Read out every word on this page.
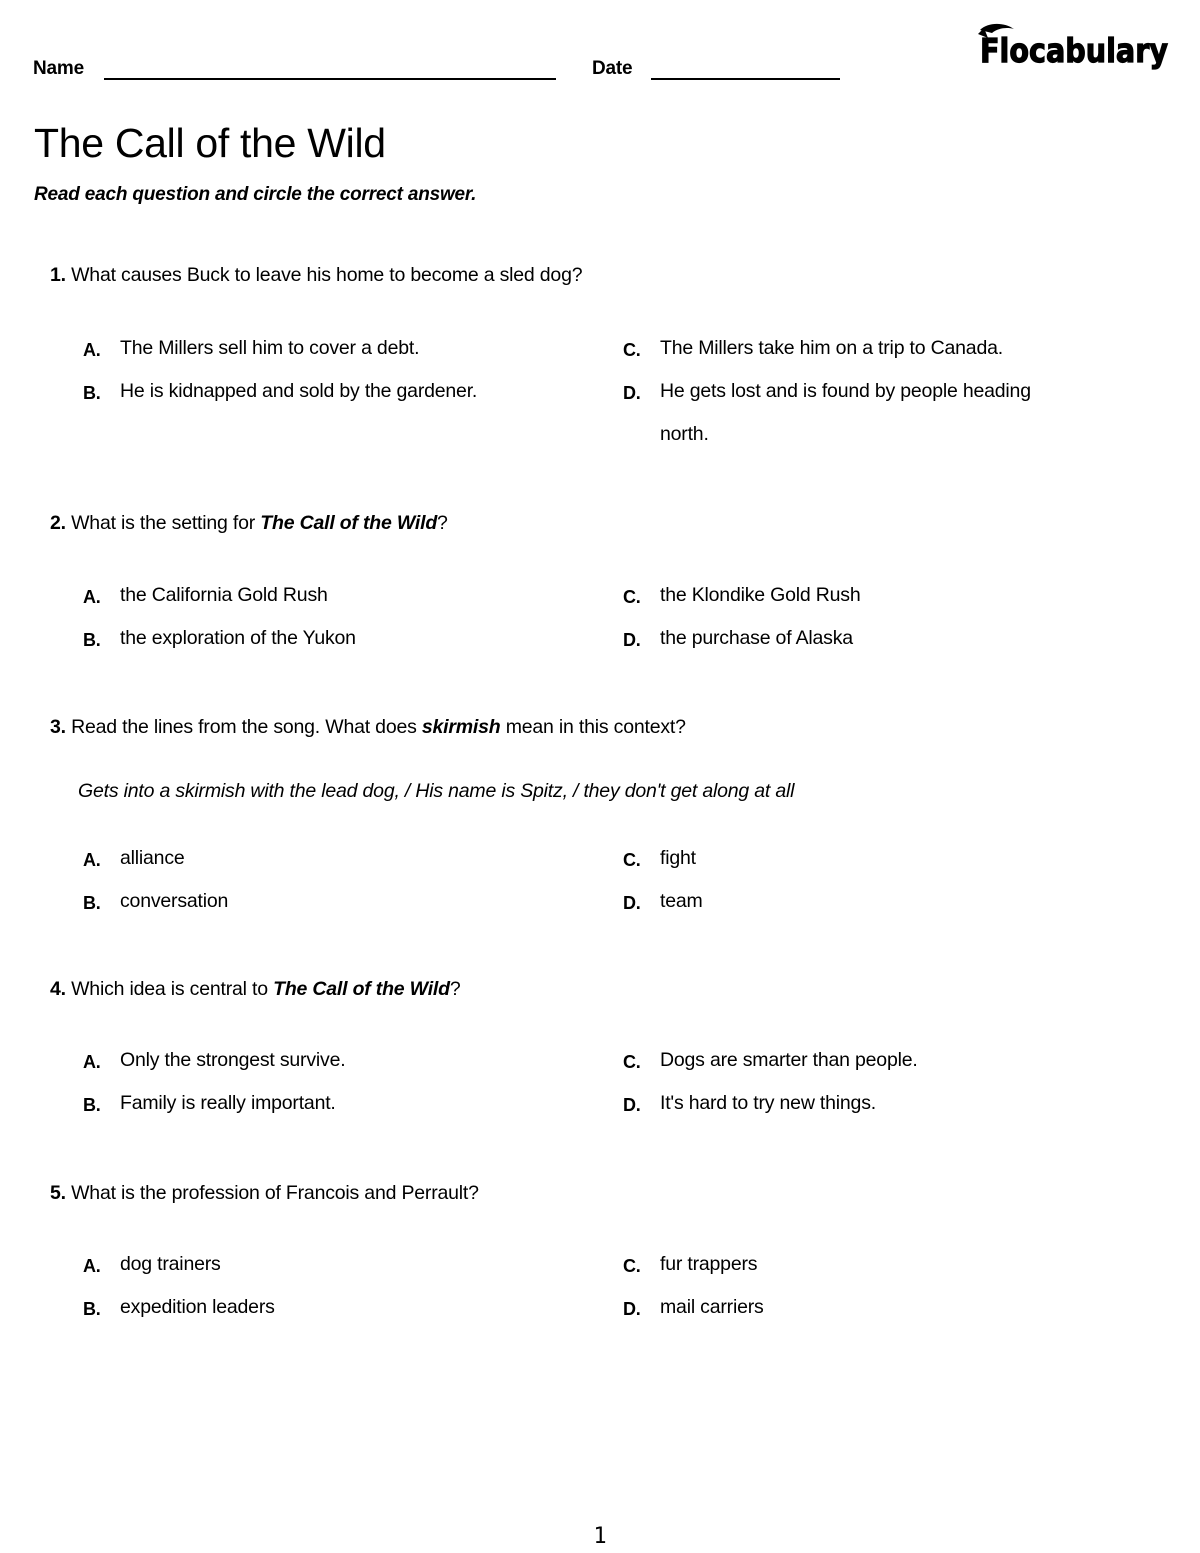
Name	Date	Flocabulary
The Call of the Wild

Read each question and circle the correct answer.

1. What causes Buck to leave his home to become a sled dog?
A. The Millers sell him to cover a debt.
B. He is kidnapped and sold by the gardener.
C. The Millers take him on a trip to Canada.
D. He gets lost and is found by people heading north.
2. What is the setting for The Call of the Wild?
A. the California Gold Rush
B. the exploration of the Yukon
C. the Klondike Gold Rush
D. the purchase of Alaska
3. Read the lines from the song. What does skirmish mean in this context?
Gets into a skirmish with the lead dog, / His name is Spitz, / they don't get along at all
A. alliance
B. conversation
C. fight
D. team
4. Which idea is central to The Call of the Wild?
A. Only the strongest survive.
B. Family is really important.
C. Dogs are smarter than people.
D. It's hard to try new things.
5. What is the profession of Francois and Perrault?
A. dog trainers
B. expedition leaders
C. fur trappers
D. mail carriers
1
